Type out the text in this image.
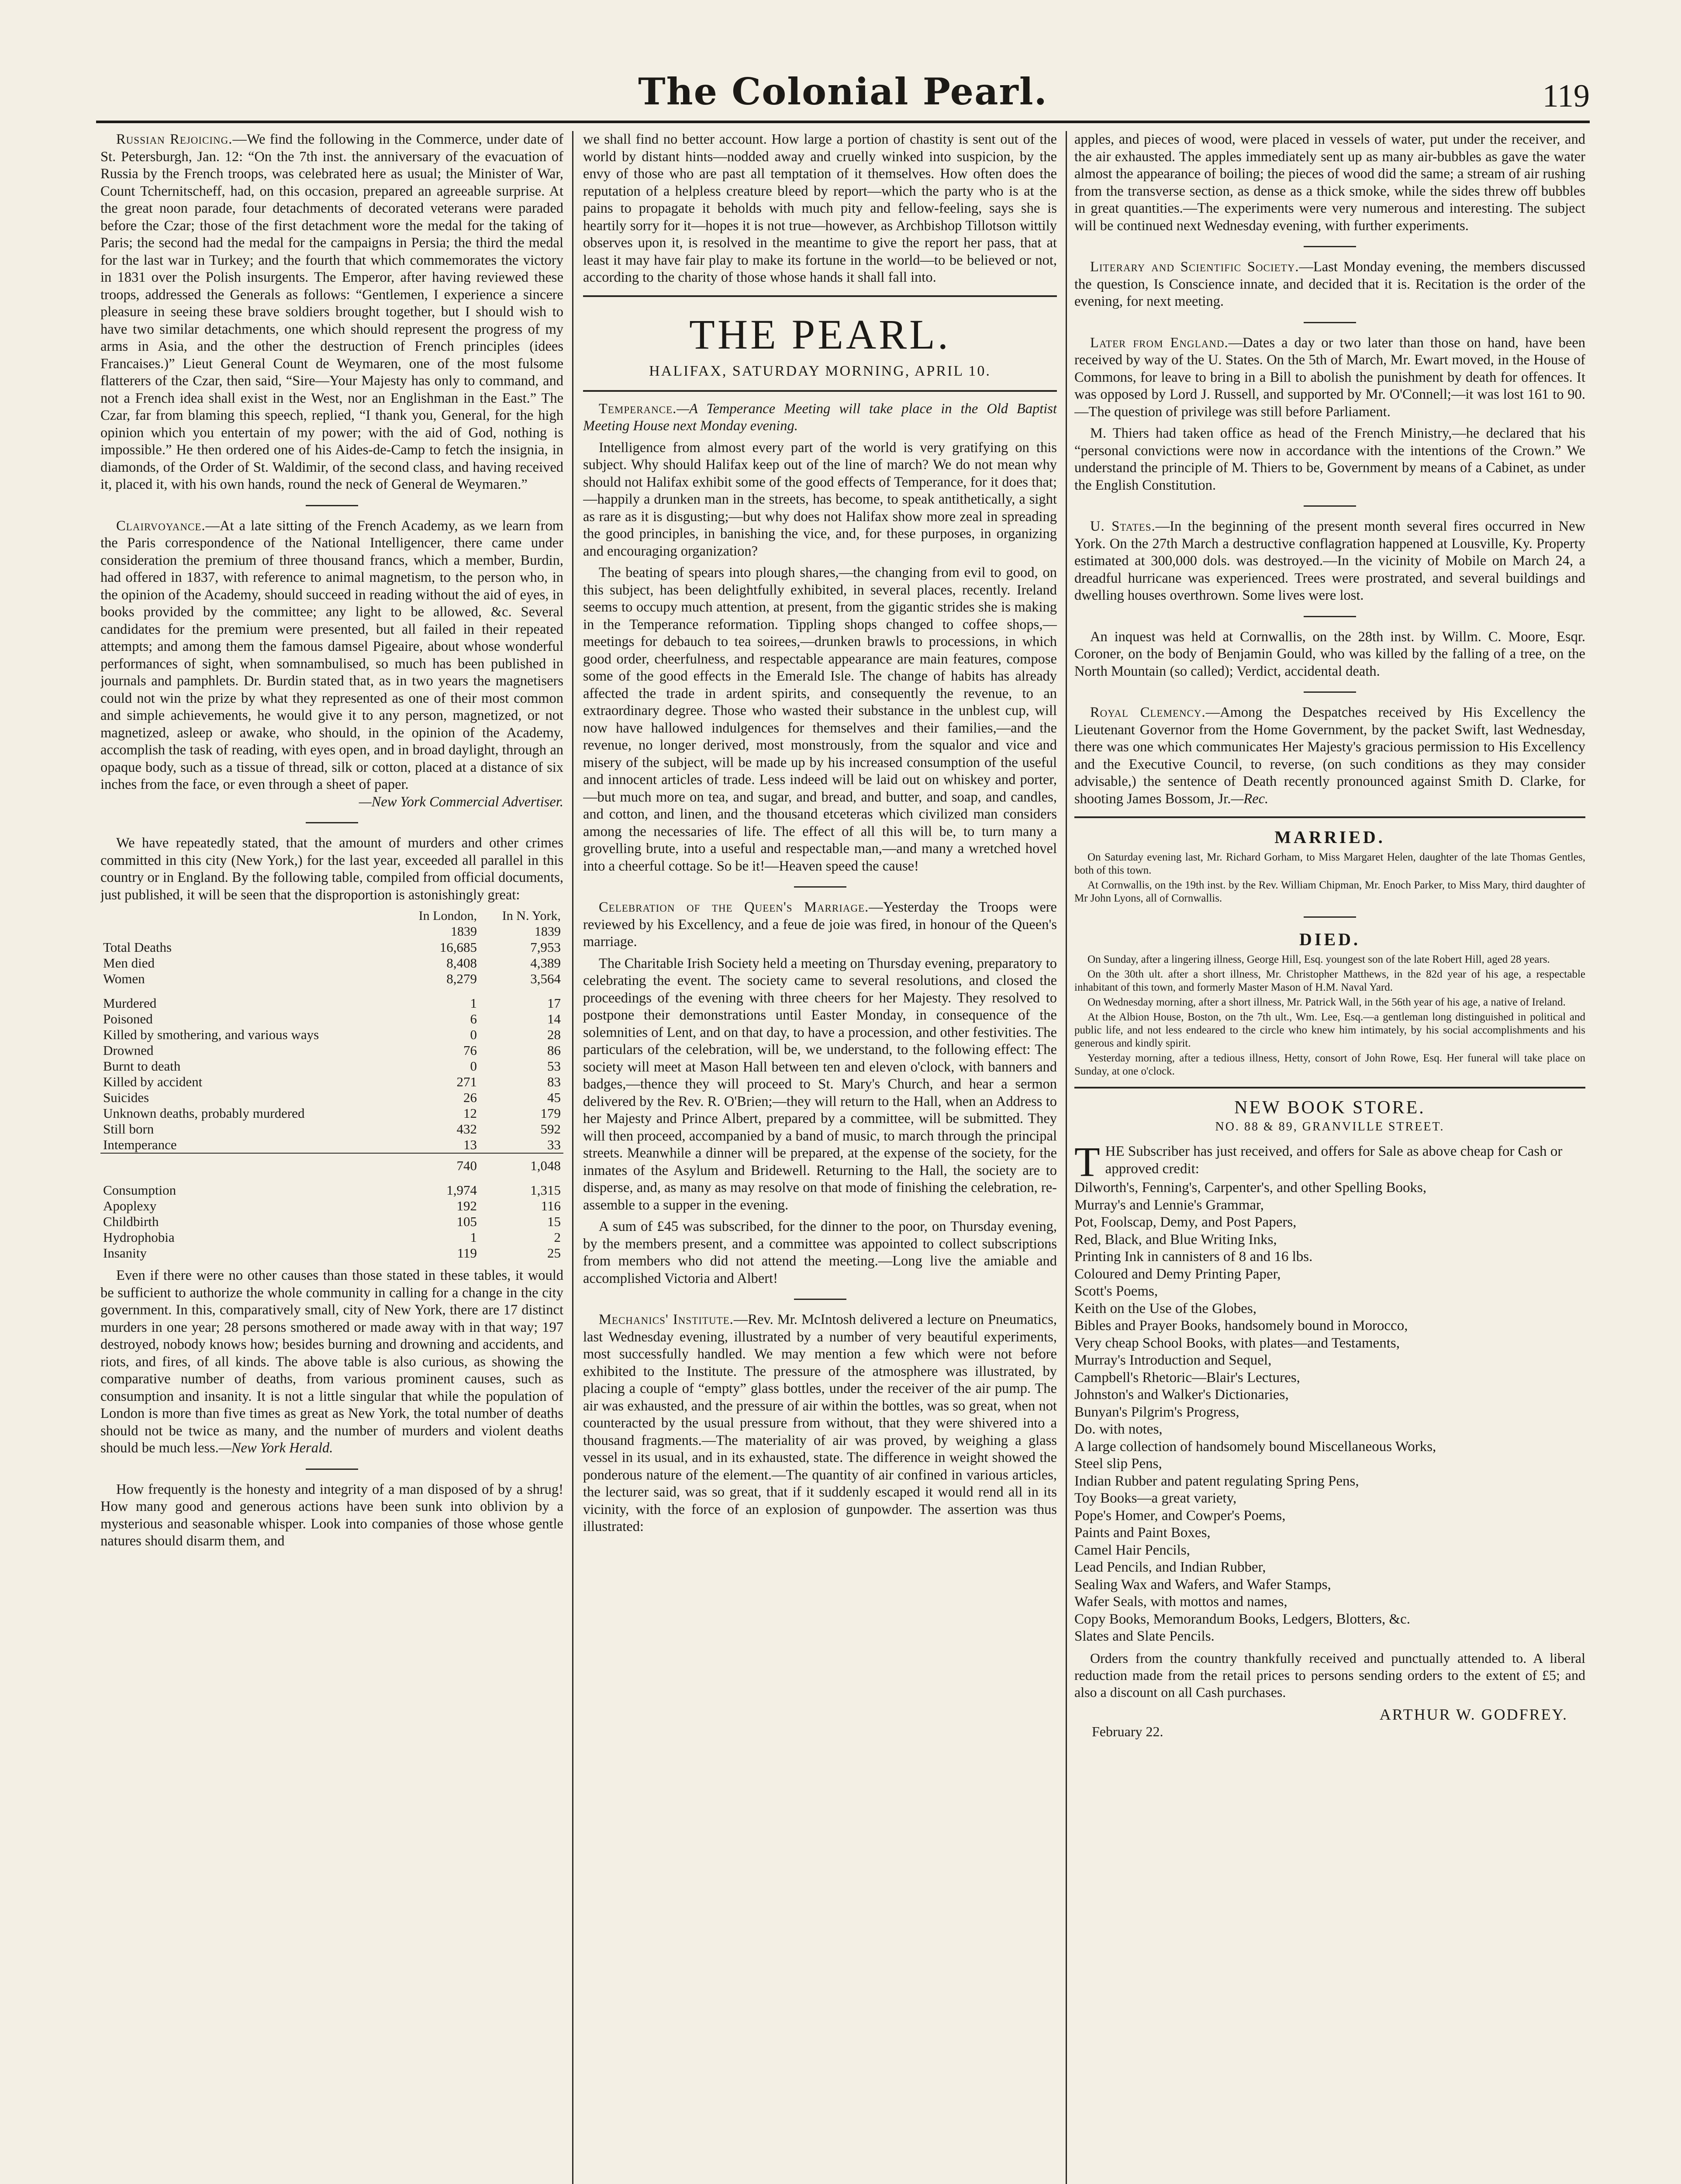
The Colonial Pearl.	119

Russian Rejoicing.—We find the following in the Commerce, under date of St. Petersburgh, Jan. 12: “On the 7th inst. the anniversary of the evacuation of Russia by the French troops, was celebrated here as usual; the Minister of War, Count Tchernitscheff, had, on this occasion, prepared an agreeable surprise. At the great noon parade, four detachments of decorated veterans were paraded before the Czar; those of the first detachment wore the medal for the taking of Paris; the second had the medal for the campaigns in Persia; the third the medal for the last war in Turkey; and the fourth that which commemorates the victory in 1831 over the Polish insurgents. The Emperor, after having reviewed these troops, addressed the Generals as follows: “Gentlemen, I experience a sincere pleasure in seeing these brave soldiers brought together, but I should wish to have two similar detachments, one which should represent the progress of my arms in Asia, and the other the destruction of French principles (idees Francaises.)” Lieut General Count de Weymaren, one of the most fulsome flatterers of the Czar, then said, “Sire—Your Majesty has only to command, and not a French idea shall exist in the West, nor an Englishman in the East.” The Czar, far from blaming this speech, replied, “I thank you, General, for the high opinion which you entertain of my power; with the aid of God, nothing is impossible.” He then ordered one of his Aides-de-Camp to fetch the insignia, in diamonds, of the Order of St. Waldimir, of the second class, and having received it, placed it, with his own hands, round the neck of General de Weymaren.”

Clairvoyance.—At a late sitting of the French Academy, as we learn from the Paris correspondence of the National Intelligencer, there came under consideration the premium of three thousand francs, which a member, Burdin, had offered in 1837, with reference to animal magnetism, to the person who, in the opinion of the Academy, should succeed in reading without the aid of eyes, in books provided by the committee; any light to be allowed, &c. Several candidates for the premium were presented, but all failed in their repeated attempts; and among them the famous damsel Pigeaire, about whose wonderful performances of sight, when somnambulised, so much has been published in journals and pamphlets. Dr. Burdin stated that, as in two years the magnetisers could not win the prize by what they represented as one of their most common and simple achievements, he would give it to any person, magnetized, or not magnetized, asleep or awake, who should, in the opinion of the Academy, accomplish the task of reading, with eyes open, and in broad daylight, through an opaque body, such as a tissue of thread, silk or cotton, placed at a distance of six inches from the face, or even through a sheet of paper.
—New York Commercial Advertiser.

We have repeatedly stated, that the amount of murders and other crimes committed in this city (New York,) for the last year, exceeded all parallel in this country or in England. By the following table, compiled from official documents, just published, it will be seen that the disproportion is astonishingly great:

	In London, 1839	In N. York, 1839
Total Deaths	16,685	7,953
Men died	8,408	4,389
Women	8,279	3,564

Murdered	1	17
Poisoned	6	14
Killed by smothering, and various ways	0	28
Drowned	76	86
Burnt to death	0	53
Killed by accident	271	83
Suicides	26	45
Unknown deaths, probably murdered	12	179
Still born	432	592
Intemperance	13	33
	740	1,048

Consumption	1,974	1,315
Apoplexy	192	116
Childbirth	105	15
Hydrophobia	1	2
Insanity	119	25

Even if there were no other causes than those stated in these tables, it would be sufficient to authorize the whole community in calling for a change in the city government. In this, comparatively small, city of New York, there are 17 distinct murders in one year; 28 persons smothered or made away with in that way; 197 destroyed, nobody knows how; besides burning and drowning and accidents, and riots, and fires, of all kinds. The above table is also curious, as showing the comparative number of deaths, from various prominent causes, such as consumption and insanity. It is not a little singular that while the population of London is more than five times as great as New York, the total number of deaths should not be twice as many, and the number of murders and violent deaths should be much less.—New York Herald.

How frequently is the honesty and integrity of a man disposed of by a shrug! How many good and generous actions have been sunk into oblivion by a mysterious and seasonable whisper. Look into companies of those whose gentle natures should disarm them, and

we shall find no better account. How large a portion of chastity is sent out of the world by distant hints—nodded away and cruelly winked into suspicion, by the envy of those who are past all temptation of it themselves. How often does the reputation of a helpless creature bleed by report—which the party who is at the pains to propagate it beholds with much pity and fellow-feeling, says she is heartily sorry for it—hopes it is not true—however, as Archbishop Tillotson wittily observes upon it, is resolved in the meantime to give the report her pass, that at least it may have fair play to make its fortune in the world—to be believed or not, according to the charity of those whose hands it shall fall into.

THE PEARL.
HALIFAX, SATURDAY MORNING, APRIL 10.

Temperance.—A Temperance Meeting will take place in the Old Baptist Meeting House next Monday evening.

Intelligence from almost every part of the world is very gratifying on this subject. Why should Halifax keep out of the line of march? We do not mean why should not Halifax exhibit some of the good effects of Temperance, for it does that;—happily a drunken man in the streets, has become, to speak antithetically, a sight as rare as it is disgusting;—but why does not Halifax show more zeal in spreading the good principles, in banishing the vice, and, for these purposes, in organizing and encouraging organization?

The beating of spears into plough shares,—the changing from evil to good, on this subject, has been delightfully exhibited, in several places, recently. Ireland seems to occupy much attention, at present, from the gigantic strides she is making in the Temperance reformation. Tippling shops changed to coffee shops,—meetings for debauch to tea soirees,—drunken brawls to processions, in which good order, cheerfulness, and respectable appearance are main features, compose some of the good effects in the Emerald Isle. The change of habits has already affected the trade in ardent spirits, and consequently the revenue, to an extraordinary degree. Those who wasted their substance in the unblest cup, will now have hallowed indulgences for themselves and their families,—and the revenue, no longer derived, most monstrously, from the squalor and vice and misery of the subject, will be made up by his increased consumption of the useful and innocent articles of trade. Less indeed will be laid out on whiskey and porter,—but much more on tea, and sugar, and bread, and butter, and soap, and candles, and cotton, and linen, and the thousand etceteras which civilized man considers among the necessaries of life. The effect of all this will be, to turn many a grovelling brute, into a useful and respectable man,—and many a wretched hovel into a cheerful cottage. So be it!—Heaven speed the cause!

Celebration of the Queen's Marriage.—Yesterday the Troops were reviewed by his Excellency, and a feue de joie was fired, in honour of the Queen's marriage.

The Charitable Irish Society held a meeting on Thursday evening, preparatory to celebrating the event. The society came to several resolutions, and closed the proceedings of the evening with three cheers for her Majesty. They resolved to postpone their demonstrations until Easter Monday, in consequence of the solemnities of Lent, and on that day, to have a procession, and other festivities. The particulars of the celebration, will be, we understand, to the following effect: The society will meet at Mason Hall between ten and eleven o'clock, with banners and badges,—thence they will proceed to St. Mary's Church, and hear a sermon delivered by the Rev. R. O'Brien;—they will return to the Hall, when an Address to her Majesty and Prince Albert, prepared by a committee, will be submitted. They will then proceed, accompanied by a band of music, to march through the principal streets. Meanwhile a dinner will be prepared, at the expense of the society, for the inmates of the Asylum and Bridewell. Returning to the Hall, the society are to disperse, and, as many as may resolve on that mode of finishing the celebration, re-assemble to a supper in the evening.

A sum of £45 was subscribed, for the dinner to the poor, on Thursday evening, by the members present, and a committee was appointed to collect subscriptions from members who did not attend the meeting.—Long live the amiable and accomplished Victoria and Albert!

Mechanics' Institute.—Rev. Mr. McIntosh delivered a lecture on Pneumatics, last Wednesday evening, illustrated by a number of very beautiful experiments, most successfully handled. We may mention a few which were not before exhibited to the Institute. The pressure of the atmosphere was illustrated, by placing a couple of “empty” glass bottles, under the receiver of the air pump. The air was exhausted, and the pressure of air within the bottles, was so great, when not counteracted by the usual pressure from without, that they were shivered into a thousand fragments.—The materiality of air was proved, by weighing a glass vessel in its usual, and in its exhausted, state. The difference in weight showed the ponderous nature of the element.—The quantity of air confined in various articles, the lecturer said, was so great, that if it suddenly escaped it would rend all in its vicinity, with the force of an explosion of gunpowder. The assertion was thus illustrated:

apples, and pieces of wood, were placed in vessels of water, put under the receiver, and the air exhausted. The apples immediately sent up as many air-bubbles as gave the water almost the appearance of boiling; the pieces of wood did the same; a stream of air rushing from the transverse section, as dense as a thick smoke, while the sides threw off bubbles in great quantities.—The experiments were very numerous and interesting. The subject will be continued next Wednesday evening, with further experiments.

Literary and Scientific Society.—Last Monday evening, the members discussed the question, Is Conscience innate, and decided that it is. Recitation is the order of the evening, for next meeting.

Later from England.—Dates a day or two later than those on hand, have been received by way of the U. States. On the 5th of March, Mr. Ewart moved, in the House of Commons, for leave to bring in a Bill to abolish the punishment by death for offences. It was opposed by Lord J. Russell, and supported by Mr. O'Connell;—it was lost 161 to 90.—The question of privilege was still before Parliament.

M. Thiers had taken office as head of the French Ministry,—he declared that his “personal convictions were now in accordance with the intentions of the Crown.” We understand the principle of M. Thiers to be, Government by means of a Cabinet, as under the English Constitution.

U. States.—In the beginning of the present month several fires occurred in New York. On the 27th March a destructive conflagration happened at Lousville, Ky. Property estimated at 300,000 dols. was destroyed.—In the vicinity of Mobile on March 24, a dreadful hurricane was experienced. Trees were prostrated, and several buildings and dwelling houses overthrown. Some lives were lost.

An inquest was held at Cornwallis, on the 28th inst. by Willm. C. Moore, Esqr. Coroner, on the body of Benjamin Gould, who was killed by the falling of a tree, on the North Mountain (so called); Verdict, accidental death.

Royal Clemency.—Among the Despatches received by His Excellency the Lieutenant Governor from the Home Government, by the packet Swift, last Wednesday, there was one which communicates Her Majesty's gracious permission to His Excellency and the Executive Council, to reverse, (on such conditions as they may consider advisable,) the sentence of Death recently pronounced against Smith D. Clarke, for shooting James Bossom, Jr.—Rec.

MARRIED.

On Saturday evening last, Mr. Richard Gorham, to Miss Margaret Helen, daughter of the late Thomas Gentles, both of this town.

At Cornwallis, on the 19th inst. by the Rev. William Chipman, Mr. Enoch Parker, to Miss Mary, third daughter of Mr John Lyons, all of Cornwallis.

DIED.

On Sunday, after a lingering illness, George Hill, Esq. youngest son of the late Robert Hill, aged 28 years.

On the 30th ult. after a short illness, Mr. Christopher Matthews, in the 82d year of his age, a respectable inhabitant of this town, and formerly Master Mason of H.M. Naval Yard.

On Wednesday morning, after a short illness, Mr. Patrick Wall, in the 56th year of his age, a native of Ireland.

At the Albion House, Boston, on the 7th ult., Wm. Lee, Esq.—a gentleman long distinguished in political and public life, and not less endeared to the circle who knew him intimately, by his social accomplishments and his generous and kindly spirit.

Yesterday morning, after a tedious illness, Hetty, consort of John Rowe, Esq. Her funeral will take place on Sunday, at one o'clock.

NEW BOOK STORE.
NO. 88 & 89, GRANVILLE STREET.
THE Subscriber has just received, and offers for Sale as above cheap for Cash or approved credit:
Dilworth's, Fenning's, Carpenter's, and other Spelling Books,
Murray's and Lennie's Grammar,
Pot, Foolscap, Demy, and Post Papers,
Red, Black, and Blue Writing Inks,
Printing Ink in cannisters of 8 and 16 lbs.
Coloured and Demy Printing Paper,
Scott's Poems,
Keith on the Use of the Globes,
Bibles and Prayer Books, handsomely bound in Morocco,
Very cheap School Books, with plates—and Testaments,
Murray's Introduction and Sequel,
Campbell's Rhetoric—Blair's Lectures,
Johnston's and Walker's Dictionaries,
Bunyan's Pilgrim's Progress,
Do. with notes,
A large collection of handsomely bound Miscellaneous Works,
Steel slip Pens,
Indian Rubber and patent regulating Spring Pens,
Toy Books—a great variety,
Pope's Homer, and Cowper's Poems,
Paints and Paint Boxes,
Camel Hair Pencils,
Lead Pencils, and Indian Rubber,
Sealing Wax and Wafers, and Wafer Stamps,
Wafer Seals, with mottos and names,
Copy Books, Memorandum Books, Ledgers, Blotters, &c.
Slates and Slate Pencils.
Orders from the country thankfully received and punctually attended to. A liberal reduction made from the retail prices to persons sending orders to the extent of £5; and also a discount on all Cash purchases.
ARTHUR W. GODFREY.
February 22.
